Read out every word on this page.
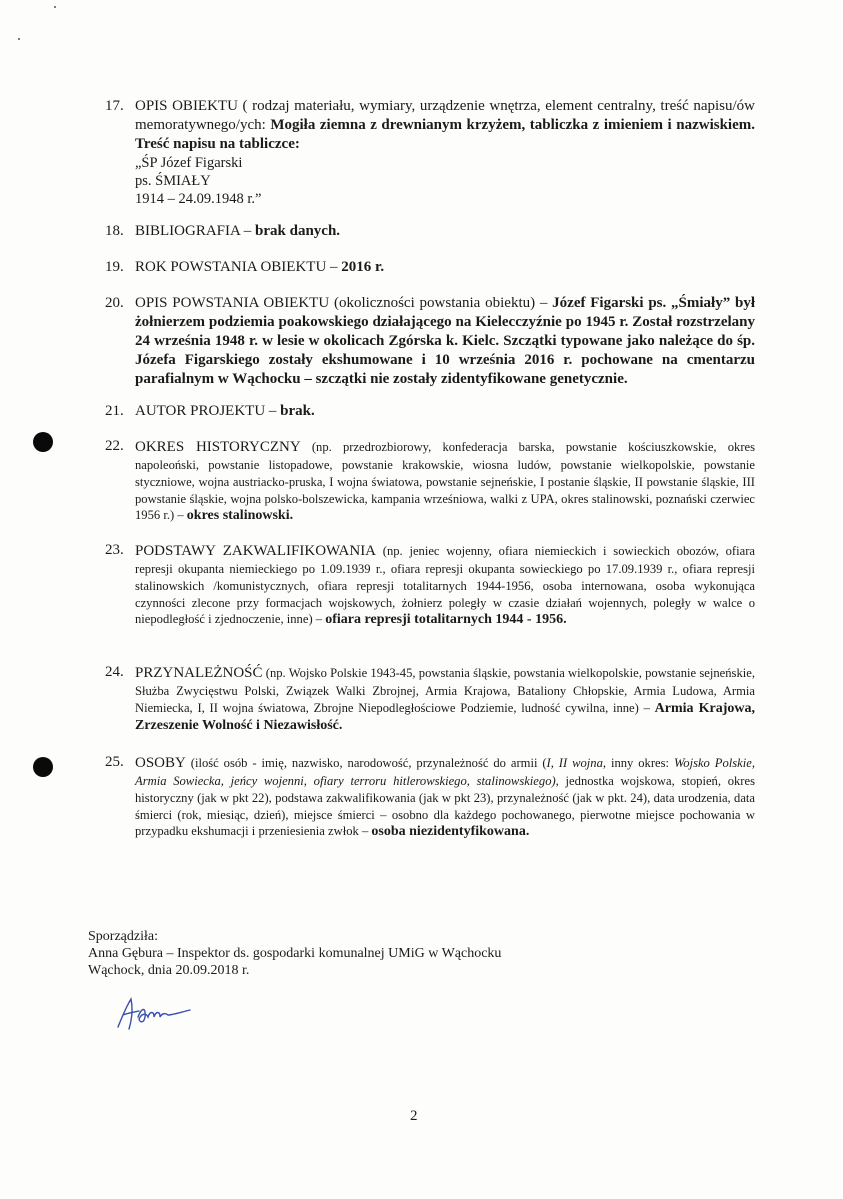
17. OPIS OBIEKTU ( rodzaj materiału, wymiary, urządzenie wnętrza, element centralny, treść napisu/ów memoratywnego/ych: Mogiła ziemna z drewnianym krzyżem, tabliczka z imieniem i nazwiskiem. Treść napisu na tabliczce:
„ŚP Józef Figarski
ps. ŚMIAŁY
1914 – 24.09.1948 r.”
18. BIBLIOGRAFIA – brak danych.
19. ROK POWSTANIA OBIEKTU – 2016 r.
20. OPIS POWSTANIA OBIEKTU (okoliczności powstania obiektu) – Józef Figarski ps. „Śmiały” był żołnierzem podziemia poakowskiego działającego na Kielecczyźnie po 1945 r. Został rozstrzelany 24 września 1948 r. w lesie w okolicach Zgórska k. Kielc. Szczątki typowane jako należące do śp. Józefa Figarskiego zostały ekshumowane i 10 września 2016 r. pochowane na cmentarzu parafialnym w Wąchocku – szczątki nie zostały zidentyfikowane genetycznie.
21. AUTOR PROJEKTU – brak.
22. OKRES HISTORYCZNY (np. przedrozbiorowy, konfederacja barska, powstanie kościuszkowskie, okres napoleoński, powstanie listopadowe, powstanie krakowskie, wiosna ludów, powstanie wielkopolskie, powstanie styczniowe, wojna austriacko-pruska, I wojna światowa, powstanie sejneńskie, I postanie śląskie, II powstanie śląskie, III powstanie śląskie, wojna polsko-bolszewicka, kampania wrześniowa, walki z UPA, okres stalinowski, poznański czerwiec 1956 r.) – okres stalinowski.
23. PODSTAWY ZAKWALIFIKOWANIA (np. jeniec wojenny, ofiara niemieckich i sowieckich obozów, ofiara represji okupanta niemieckiego po 1.09.1939 r., ofiara represji okupanta sowieckiego po 17.09.1939 r., ofiara represji stalinowskich /komunistycznych, ofiara represji totalitarnych 1944-1956, osoba internowana, osoba wykonująca czynności zlecone przy formacjach wojskowych, żołnierz poległy w czasie działań wojennych, poległy w walce o niepodległość i zjednoczenie, inne) – ofiara represji totalitarnych 1944 - 1956.
24. PRZYNALEŻNOŚĆ (np. Wojsko Polskie 1943-45, powstania śląskie, powstania wielkopolskie, powstanie sejneńskie, Służba Zwycięstwu Polski, Związek Walki Zbrojnej, Armia Krajowa, Bataliony Chłopskie, Armia Ludowa, Armia Niemiecka, I, II wojna światowa, Zbrojne Niepodległościowe Podziemie, ludność cywilna, inne) – Armia Krajowa, Zrzeszenie Wolność i Niezawisłość.
25. OSOBY (ilość osób - imię, nazwisko, narodowość, przynależność do armii (I, II wojna, inny okres: Wojsko Polskie, Armia Sowiecka, jeńcy wojenni, ofiary terroru hitlerowskiego, stalinowskiego), jednostka wojskowa, stopień, okres historyczny (jak w pkt 22), podstawa zakwalifikowania (jak w pkt 23), przynależność (jak w pkt. 24), data urodzenia, data śmierci (rok, miesiąc, dzień), miejsce śmierci – osobno dla każdego pochowanego, pierwotne miejsce pochowania w przypadku ekshumacji i przeniesienia zwłok – osoba niezidentyfikowana.
Sporządziła:
Anna Gębura – Inspektor ds. gospodarki komunalnej UMiG w Wąchocku
Wąchock, dnia 20.09.2018 r.
2
